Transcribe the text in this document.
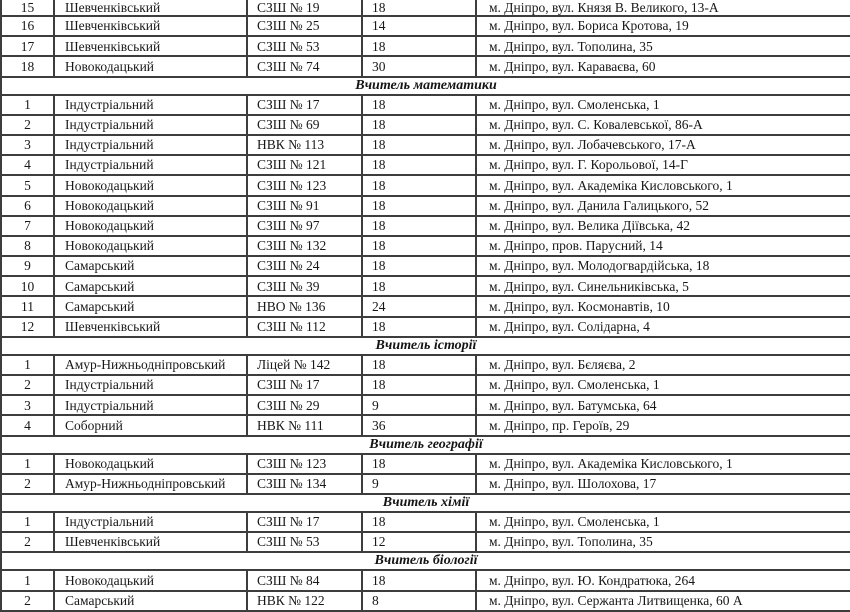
15	Шевченківський	СЗШ № 19	18	м. Дніпро, вул. Князя В. Великого, 13-А
16	Шевченківський	СЗШ № 25	14	м. Дніпро, вул. Бориса Кротова, 19
17	Шевченківський	СЗШ № 53	18	м. Дніпро, вул. Тополина, 35
18	Новокодацький	СЗШ № 74	30	м. Дніпро, вул. Караваєва, 60
Вчитель математики
1	Індустріальний	СЗШ № 17	18	м. Дніпро, вул. Смоленська, 1
2	Індустріальний	СЗШ № 69	18	м. Дніпро, вул. С. Ковалевської, 86-А
3	Індустріальний	НВК № 113	18	м. Дніпро, вул. Лобачевського, 17-А
4	Індустріальний	СЗШ № 121	18	м. Дніпро, вул. Г. Корольової, 14-Г
5	Новокодацький	СЗШ № 123	18	м. Дніпро, вул. Академіка Кисловського, 1
6	Новокодацький	СЗШ № 91	18	м. Дніпро, вул. Данила Галицького, 52
7	Новокодацький	СЗШ № 97	18	м. Дніпро, вул. Велика Діївська, 42
8	Новокодацький	СЗШ № 132	18	м. Дніпро, пров. Парусний, 14
9	Самарський	СЗШ № 24	18	м. Дніпро, вул. Молодогвардійська, 18
10	Самарський	СЗШ № 39	18	м. Дніпро, вул. Синельниківська, 5
11	Самарський	НВО № 136	24	м. Дніпро, вул. Космонавтів, 10
12	Шевченківський	СЗШ № 112	18	м. Дніпро, вул. Солідарна, 4
Вчитель історії
1	Амур-Нижньодніпровський	Ліцей № 142	18	м. Дніпро, вул. Бєляєва, 2
2	Індустріальний	СЗШ № 17	18	м. Дніпро, вул. Смоленська, 1
3	Індустріальний	СЗШ № 29	9	м. Дніпро, вул. Батумська, 64
4	Соборний	НВК № 111	36	м. Дніпро, пр. Героїв, 29
Вчитель географії
1	Новокодацький	СЗШ № 123	18	м. Дніпро, вул. Академіка Кисловського, 1
2	Амур-Нижньодніпровський	СЗШ № 134	9	м. Дніпро, вул. Шолохова, 17
Вчитель хімії
1	Індустріальний	СЗШ № 17	18	м. Дніпро, вул. Смоленська, 1
2	Шевченківський	СЗШ № 53	12	м. Дніпро, вул. Тополина, 35
Вчитель біології
1	Новокодацький	СЗШ № 84	18	м. Дніпро, вул. Ю. Кондратюка, 264
2	Самарський	НВК № 122	8	м. Дніпро, вул. Сержанта Литвищенка, 60 А
